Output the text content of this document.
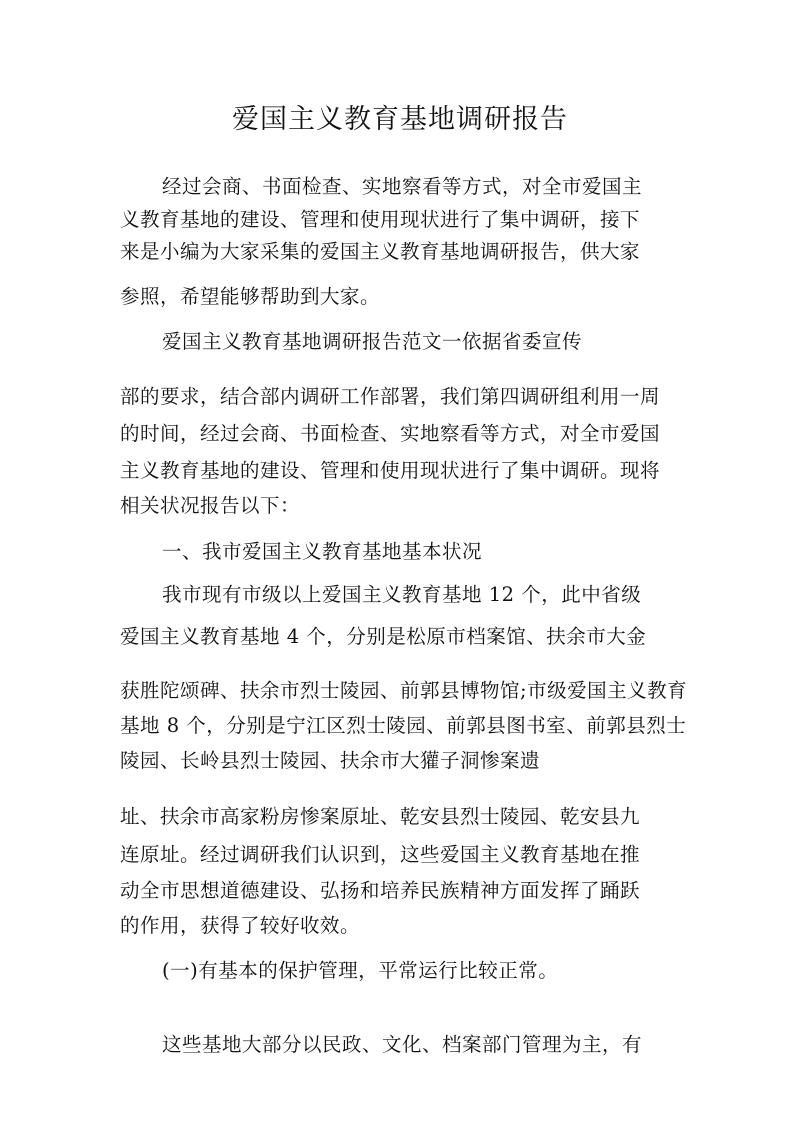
爱国主义教育基地调研报告
经过会商、书面检查、实地察看等方式，对全市爱国主
义教育基地的建设、管理和使用现状进行了集中调研，接下
来是小编为大家采集的爱国主义教育基地调研报告，供大家
参照，希望能够帮助到大家。
爱国主义教育基地调研报告范文一依据省委宣传
部的要求，结合部内调研工作部署，我们第四调研组利用一周
的时间，经过会商、书面检查、实地察看等方式，对全市爱国
主义教育基地的建设、管理和使用现状进行了集中调研。现将
相关状况报告以下：
一、我市爱国主义教育基地基本状况
我市现有市级以上爱国主义教育基地 12 个，此中省级
爱国主义教育基地 4 个，分别是松原市档案馆、扶余市大金
获胜陀颂碑、扶余市烈士陵园、前郭县博物馆;市级爱国主义教育
基地 8 个，分别是宁江区烈士陵园、前郭县图书室、前郭县烈士
陵园、长岭县烈士陵园、扶余市大獾子洞惨案遗
址、扶余市高家粉房惨案原址、乾安县烈士陵园、乾安县九
连原址。经过调研我们认识到，这些爱国主义教育基地在推
动全市思想道德建设、弘扬和培养民族精神方面发挥了踊跃
的作用，获得了较好收效。
(一)有基本的保护管理，平常运行比较正常。
这些基地大部分以民政、文化、档案部门管理为主，有
